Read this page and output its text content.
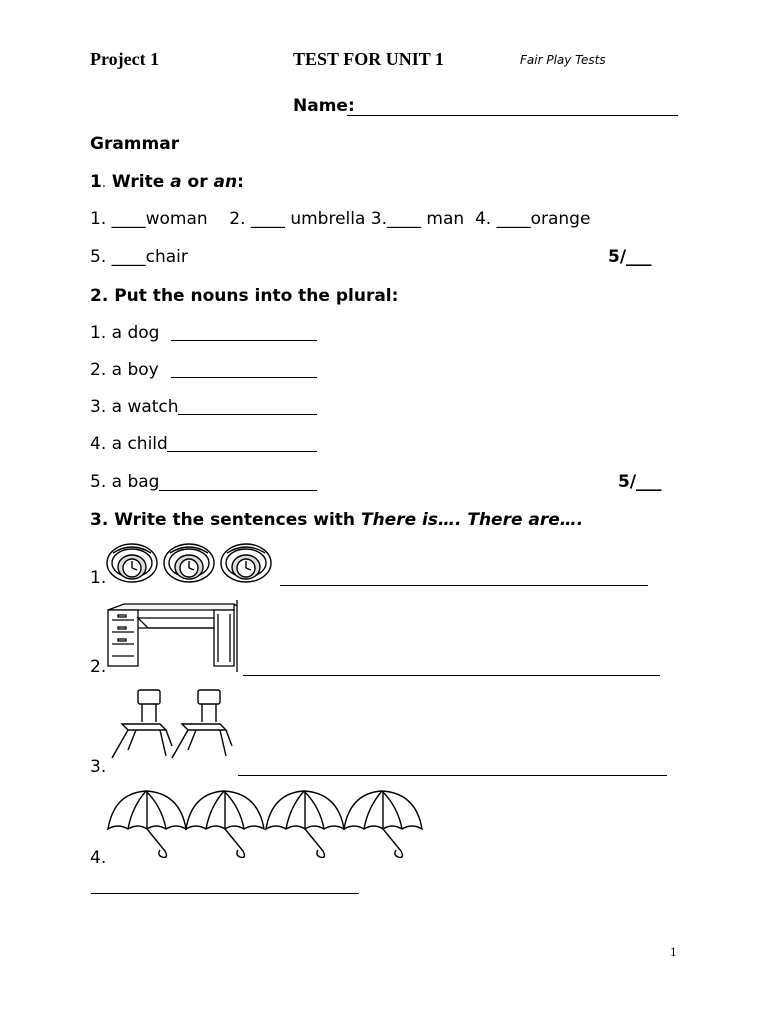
Project 1	TEST FOR UNIT 1	Fair Play Tests
Name:
Grammar
1. Write a or an:
1. ____woman    2. ____ umbrella 3.____ man  4. ____orange
5. ____chair	5/___
2. Put the nouns into the plural:
1. a dog
2. a boy
3. a watch
4. a child
5. a bag	5/___
3. Write the sentences with There is…. There are….
1.
2.
3.
4.
1
